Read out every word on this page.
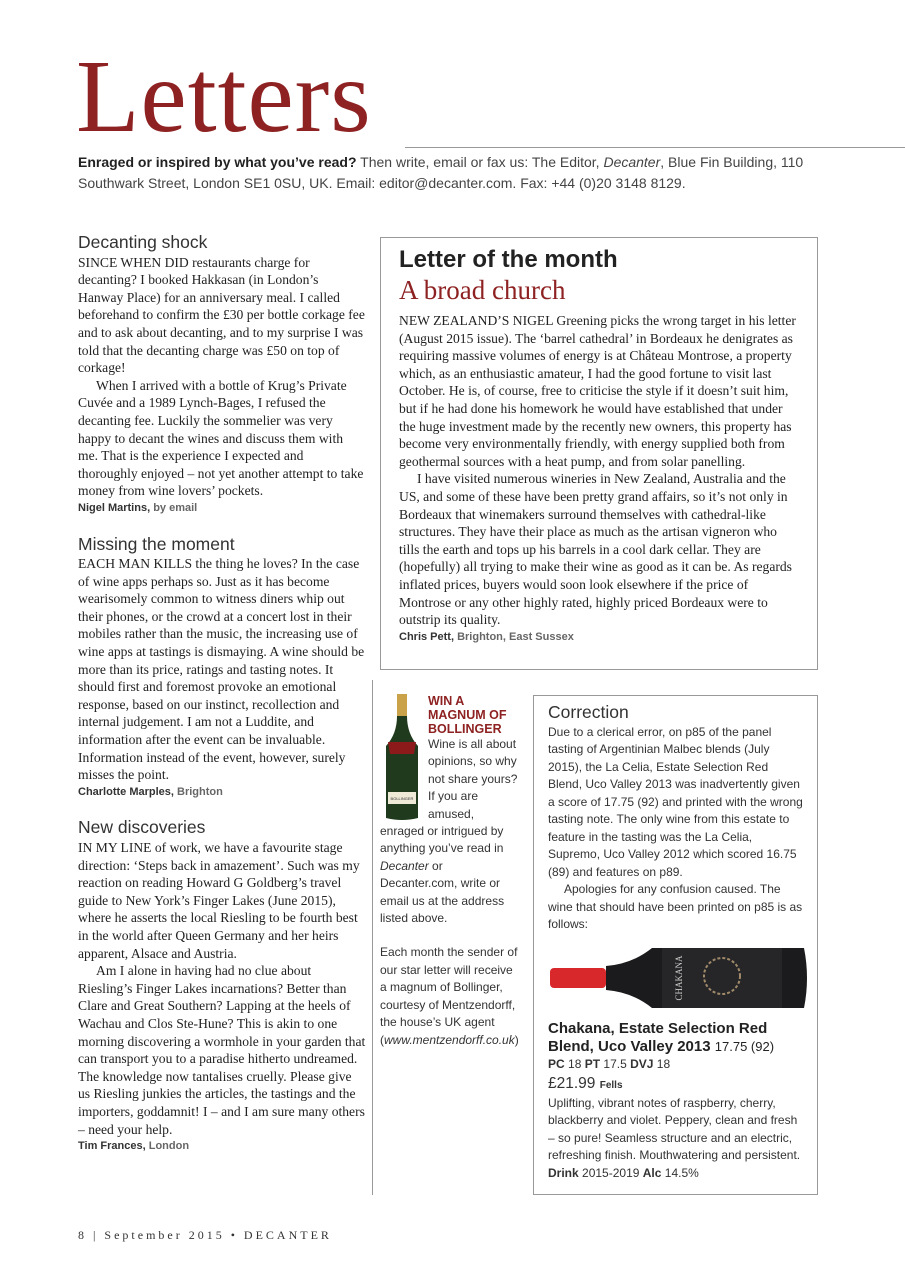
Letters
Enraged or inspired by what you’ve read? Then write, email or fax us: The Editor, Decanter, Blue Fin Building, 110 Southwark Street, London SE1 0SU, UK. Email: editor@decanter.com. Fax: +44 (0)20 3148 8129.
Decanting shock

SINCE WHEN DID restaurants charge for decanting? I booked Hakkasan (in London’s Hanway Place) for an anniversary meal. I called beforehand to confirm the £30 per bottle corkage fee and to ask about decanting, and to my surprise I was told that the decanting charge was £50 on top of corkage!

When I arrived with a bottle of Krug’s Private Cuvée and a 1989 Lynch-Bages, I refused the decanting fee. Luckily the sommelier was very happy to decant the wines and discuss them with me. That is the experience I expected and thoroughly enjoyed – not yet another attempt to take money from wine lovers’ pockets.

Nigel Martins, by email
Missing the moment

EACH MAN KILLS the thing he loves? In the case of wine apps perhaps so. Just as it has become wearisomely common to witness diners whip out their phones, or the crowd at a concert lost in their mobiles rather than the music, the increasing use of wine apps at tastings is dismaying. A wine should be more than its price, ratings and tasting notes. It should first and foremost provoke an emotional response, based on our instinct, recollection and internal judgement. I am not a Luddite, and information after the event can be invaluable. Information instead of the event, however, surely misses the point.

Charlotte Marples, Brighton
New discoveries

IN MY LINE of work, we have a favourite stage direction: ‘Steps back in amazement’. Such was my reaction on reading Howard G Goldberg’s travel guide to New York’s Finger Lakes (June 2015), where he asserts the local Riesling to be fourth best in the world after Queen Germany and her heirs apparent, Alsace and Austria.

Am I alone in having had no clue about Riesling’s Finger Lakes incarnations? Better than Clare and Great Southern? Lapping at the heels of Wachau and Clos Ste-Hune? This is akin to one morning discovering a wormhole in your garden that can transport you to a paradise hitherto undreamed. The knowledge now tantalises cruelly. Please give us Riesling junkies the articles, the tastings and the importers, goddamnit! I – and I am sure many others – need your help.

Tim Frances, London
Letter of the month
A broad church

NEW ZEALAND’S NIGEL Greening picks the wrong target in his letter (August 2015 issue). The ‘barrel cathedral’ in Bordeaux he denigrates as requiring massive volumes of energy is at Château Montrose, a property which, as an enthusiastic amateur, I had the good fortune to visit last October. He is, of course, free to criticise the style if it doesn’t suit him, but if he had done his homework he would have established that under the huge investment made by the recently new owners, this property has become very environmentally friendly, with energy supplied both from geothermal sources with a heat pump, and from solar panelling.

I have visited numerous wineries in New Zealand, Australia and the US, and some of these have been pretty grand affairs, so it’s not only in Bordeaux that winemakers surround themselves with cathedral-like structures. They have their place as much as the artisan vigneron who tills the earth and tops up his barrels in a cool dark cellar. They are (hopefully) all trying to make their wine as good as it can be. As regards inflated prices, buyers would soon look elsewhere if the price of Montrose or any other highly rated, highly priced Bordeaux were to outstrip its quality.

Chris Pett, Brighton, East Sussex
BOLLINGER
WIN A MAGNUM OF BOLLINGER

Wine is all about opinions, so why not share yours? If you are amused, enraged or intrigued by anything you’ve read in Decanter or Decanter.com, write or email us at the address listed above.

Each month the sender of our star letter will receive a magnum of Bollinger, courtesy of Mentzendorff, the house’s UK agent (www.mentzendorff.co.uk)

Correction

Due to a clerical error, on p85 of the panel tasting of Argentinian Malbec blends (July 2015), the La Celia, Estate Selection Red Blend, Uco Valley 2013 was inadvertently given a score of 17.75 (92) and printed with the wrong tasting note. The only wine from this estate to feature in the tasting was the La Celia, Supremo, Uco Valley 2012 which scored 16.75 (89) and features on p89.

Apologies for any confusion caused. The wine that should have been printed on p85 is as follows:

CHAKANA
Chakana, Estate Selection Red Blend, Uco Valley 2013 17.75 (92)
PC 18 PT 17.5 DVJ 18
£21.99 Fells

Uplifting, vibrant notes of raspberry, cherry, blackberry and violet. Peppery, clean and fresh – so pure! Seamless structure and an electric, refreshing finish. Mouthwatering and persistent. Drink 2015-2019 Alc 14.5%

8 | September 2015 • DECANTER
